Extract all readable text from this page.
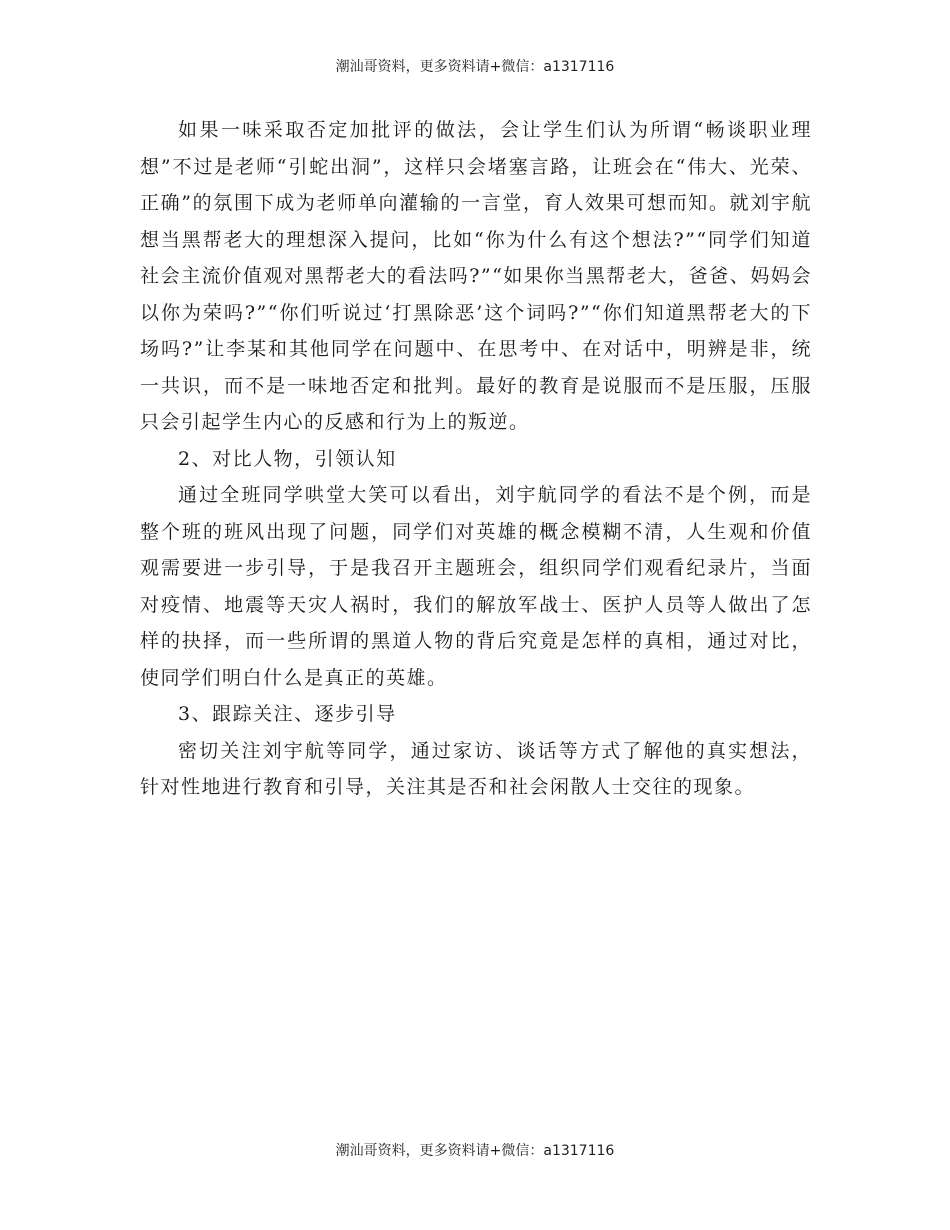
潮汕哥资料，更多资料请+微信：a1317116

如果一味采取否定加批评的做法，会让学生们认为所谓“畅谈职业理想”不过是老师“引蛇出洞”，这样只会堵塞言路，让班会在“伟大、光荣、正确”的氛围下成为老师单向灌输的一言堂，育人效果可想而知。就刘宇航想当黑帮老大的理想深入提问，比如“你为什么有这个想法?”“同学们知道社会主流价值观对黑帮老大的看法吗?”“如果你当黑帮老大，爸爸、妈妈会以你为荣吗?”“你们听说过‘打黑除恶’这个词吗?”“你们知道黑帮老大的下场吗?”让李某和其他同学在问题中、在思考中、在对话中，明辨是非，统一共识，而不是一味地否定和批判。最好的教育是说服而不是压服，压服只会引起学生内心的反感和行为上的叛逆。

2、对比人物，引领认知

通过全班同学哄堂大笑可以看出，刘宇航同学的看法不是个例，而是整个班的班风出现了问题，同学们对英雄的概念模糊不清，人生观和价值观需要进一步引导，于是我召开主题班会，组织同学们观看纪录片，当面对疫情、地震等天灾人祸时，我们的解放军战士、医护人员等人做出了怎样的抉择，而一些所谓的黑道人物的背后究竟是怎样的真相，通过对比，使同学们明白什么是真正的英雄。

3、跟踪关注、逐步引导

密切关注刘宇航等同学，通过家访、谈话等方式了解他的真实想法，针对性地进行教育和引导，关注其是否和社会闲散人士交往的现象。

潮汕哥资料，更多资料请+微信：a1317116
